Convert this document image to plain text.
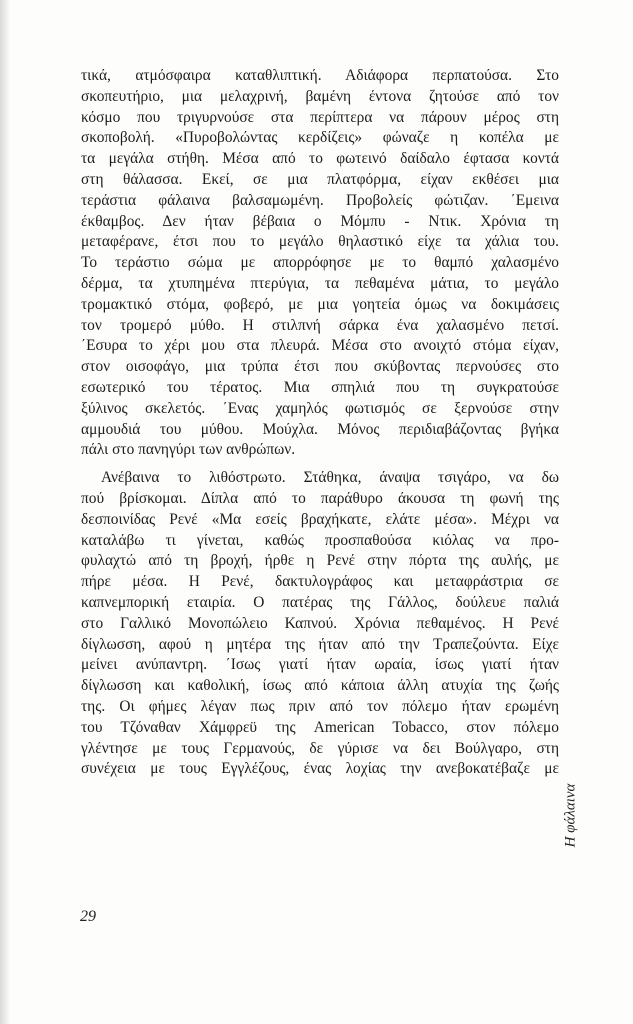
τικά, ατμόσφαιρα καταθλιπτική. Αδιάφορα περπατούσα. Στο
σκοπευτήριο, μια μελαχρινή, βαμένη έντονα ζητούσε από τον
κόσμο που τριγυρνούσε στα περίπτερα να πάρουν μέρος στη
σκοποβολή. «Πυροβολώντας κερδίζεις» φώναζε η κοπέλα με
τα μεγάλα στήθη. Μέσα από το φωτεινό δαίδαλο έφτασα κοντά
στη θάλασσα. Εκεί, σε μια πλατφόρμα, είχαν εκθέσει μια
τεράστια φάλαινα βαλσαμωμένη. Προβολείς φώτιζαν. ΄Εμεινα
έκθαμβος. Δεν ήταν βέβαια ο Μόμπυ - Ντικ. Χρόνια τη
μεταφέρανε, έτσι που το μεγάλο θηλαστικό είχε τα χάλια του.
Το τεράστιο σώμα με απορρόφησε με το θαμπό χαλασμένο
δέρμα, τα χτυπημένα πτερύγια, τα πεθαμένα μάτια, το μεγάλο
τρομακτικό στόμα, φοβερό, με μια γοητεία όμως να δοκιμάσεις
τον τρομερό μύθο. Η στιλπνή σάρκα ένα χαλασμένο πετσί.
΄Εσυρα το χέρι μου στα πλευρά. Μέσα στο ανοιχτό στόμα είχαν,
στον οισοφάγο, μια τρύπα έτσι που σκύβοντας περνούσες στο
εσωτερικό του τέρατος. Μια σπηλιά που τη συγκρατούσε
ξύλινος σκελετός. ΄Ενας χαμηλός φωτισμός σε ξερνούσε στην
αμμουδιά του μύθου. Μούχλα. Μόνος περιδιαβάζοντας βγήκα
πάλι στο πανηγύρι των ανθρώπων.

Ανέβαινα το λιθόστρωτο. Στάθηκα, άναψα τσιγάρο, να δω
πού βρίσκομαι. Δίπλα από το παράθυρο άκουσα τη φωνή της
δεσποινίδας Ρενέ «Μα εσείς βραχήκατε, ελάτε μέσα». Μέχρι να
καταλάβω τι γίνεται, καθώς προσπαθούσα κιόλας να προ-
φυλαχτώ από τη βροχή, ήρθε η Ρενέ στην πόρτα της αυλής, με
πήρε μέσα. Η Ρενέ, δακτυλογράφος και μεταφράστρια σε
καπνεμπορική εταιρία. Ο πατέρας της Γάλλος, δούλευε παλιά
στο Γαλλικό Μονοπώλειο Καπνού. Χρόνια πεθαμένος. Η Ρενέ
δίγλωσση, αφού η μητέρα της ήταν από την Τραπεζούντα. Είχε
μείνει ανύπαντρη. ΄Ισως γιατί ήταν ωραία, ίσως γιατί ήταν
δίγλωσση και καθολική, ίσως από κάποια άλλη ατυχία της ζωής
της. Οι φήμες λέγαν πως πριν από τον πόλεμο ήταν ερωμένη
του Τζόναθαν Χάμφρεϋ της American Tobacco, στον πόλεμο
γλέντησε με τους Γερμανούς, δε γύρισε να δει Βούλγαρο, στη
συνέχεια με τους Εγγλέζους, ένας λοχίας την ανεβοκατέβαζε με

Η φάλαινα
29
